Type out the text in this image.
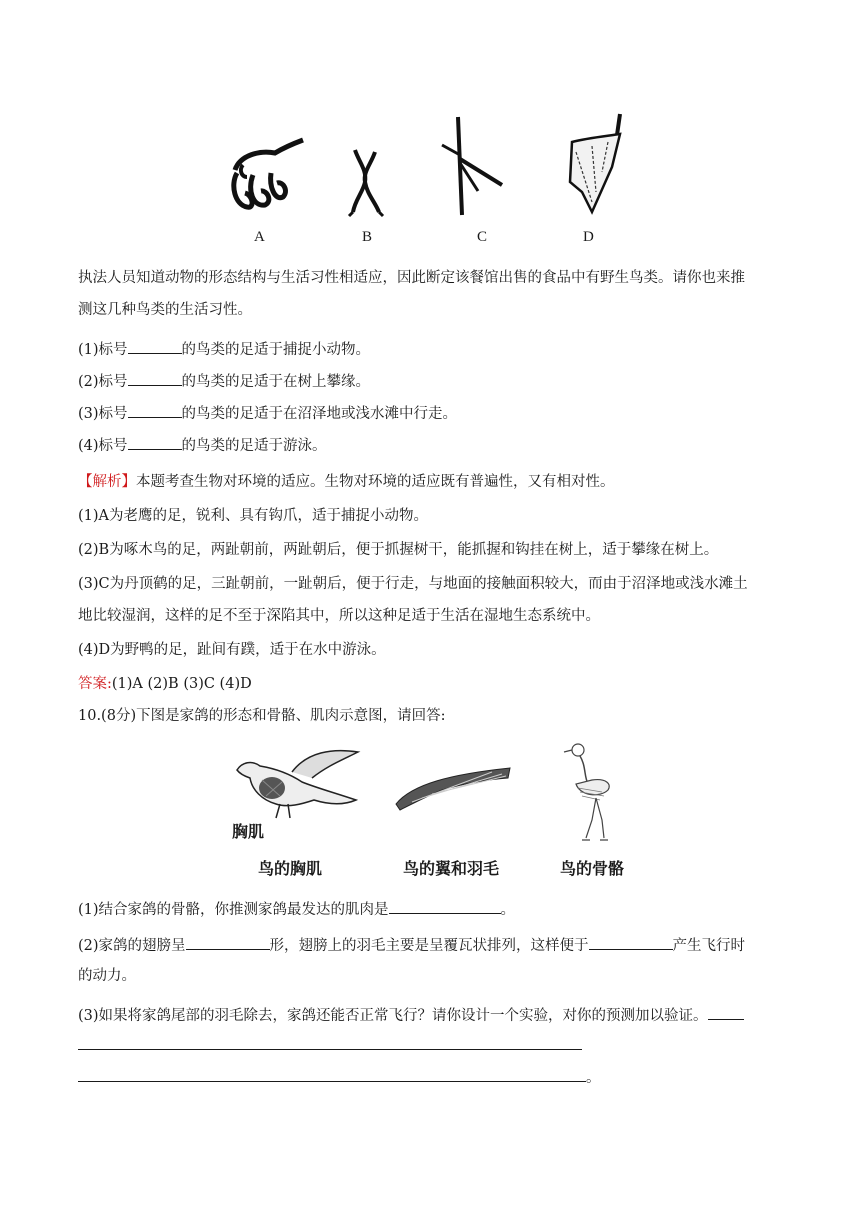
A	B	C	D
执法人员知道动物的形态结构与生活习性相适应，因此断定该餐馆出售的食品中有野生鸟类。请你也来推
测这几种鸟类的生活习性。
(1)标号	的鸟类的足适于捕捉小动物。
(2)标号	的鸟类的足适于在树上攀缘。
(3)标号	的鸟类的足适于在沼泽地或浅水滩中行走。
(4)标号	的鸟类的足适于游泳。
【解析】本题考查生物对环境的适应。生物对环境的适应既有普遍性，又有相对性。
(1)A为老鹰的足，锐利、具有钩爪，适于捕捉小动物。
(2)B为啄木鸟的足，两趾朝前，两趾朝后，便于抓握树干，能抓握和钩挂在树上，适于攀缘在树上。
(3)C为丹顶鹤的足，三趾朝前，一趾朝后，便于行走，与地面的接触面积较大，而由于沼泽地或浅水滩土
地比较湿润，这样的足不至于深陷其中，所以这种足适于生活在湿地生态系统中。
(4)D为野鸭的足，趾间有蹼，适于在水中游泳。
答案:(1)A (2)B (3)C (4)D
10.(8分)下图是家鸽的形态和骨骼、肌肉示意图，请回答:
胸肌
鸟的胸肌	鸟的翼和羽毛	鸟的骨骼
(1)结合家鸽的骨骼，你推测家鸽最发达的肌肉是	。
(2)家鸽的翅膀呈	形，翅膀上的羽毛主要是呈覆瓦状排列，这样便于	产生飞行时
的动力。
(3)如果将家鸽尾部的羽毛除去，家鸽还能否正常飞行？请你设计一个实验，对你的预测加以验证。
。
